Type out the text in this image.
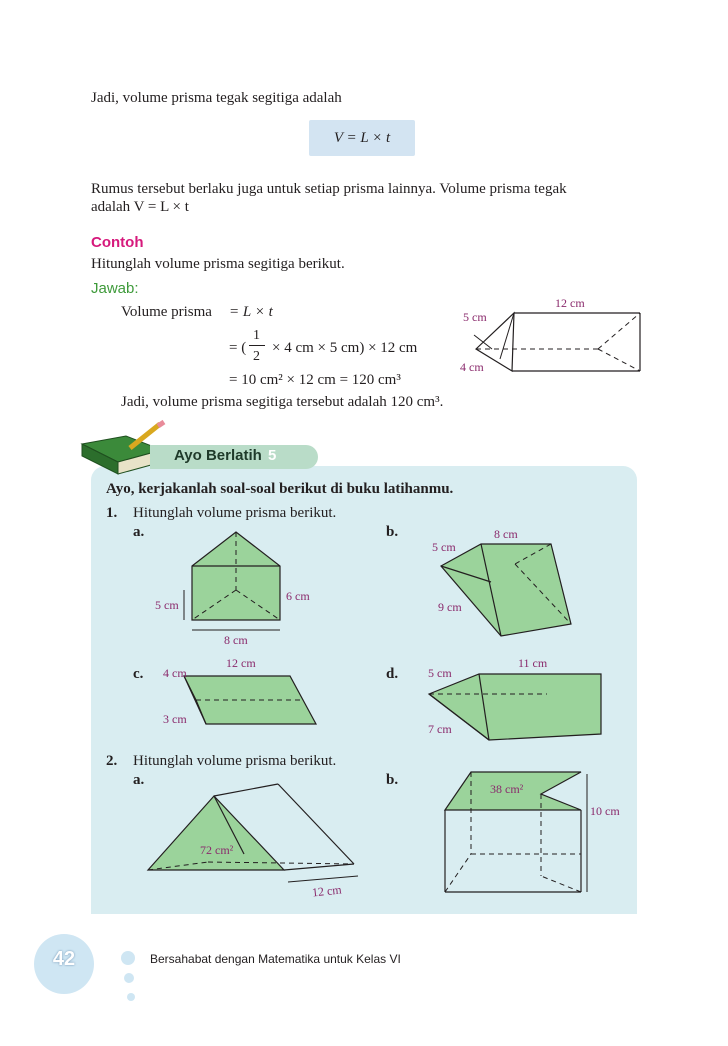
Jadi, volume prisma tegak segitiga adalah
V = L × t
Rumus tersebut berlaku juga untuk setiap prisma lainnya. Volume prisma tegak
adalah V = L × t
Contoh
Hitunglah volume prisma segitiga berikut.
Jawab:
Volume prisma = L × t
= (
1
2
× 4 cm × 5 cm) × 12 cm
= 10 cm² × 12 cm = 120 cm³
Jadi, volume prisma segitiga tersebut adalah 120 cm³.
12 cm
5 cm
4 cm
Ayo Berlatih 5
Ayo, kerjakanlah soal-soal berikut di buku latihanmu.
1. Hitunglah volume prisma berikut.
a.	b.
5 cm
6 cm
8 cm
5 cm
8 cm
9 cm
c.	d.
4 cm
12 cm
3 cm
5 cm
11 cm
7 cm
2. Hitunglah volume prisma berikut.
a.	b.
72 cm²
12 cm
38 cm²
10 cm
42	Bersahabat dengan Matematika untuk Kelas VI
